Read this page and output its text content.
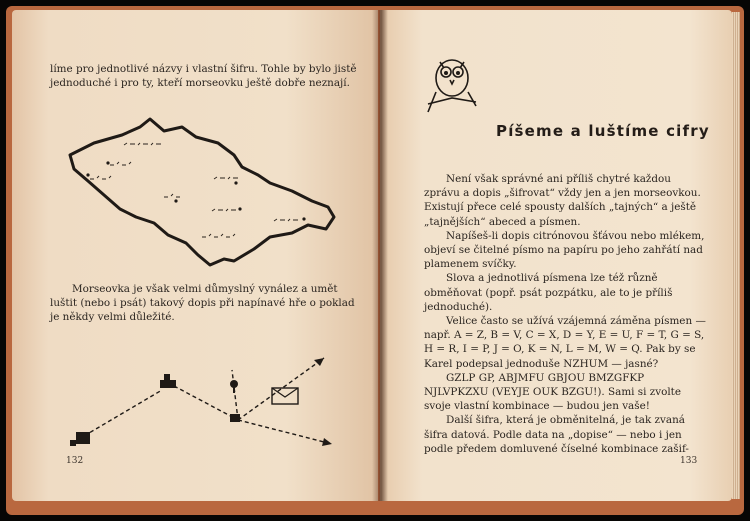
líme pro jednotlivé názvy i vlastní šifru. Tohle by bylo jistě jednoduché i pro ty, kteří morseovku ještě dobře neznají.

Morseovka je však velmi důmyslný vynález a umět luštit (nebo i psát) takový dopis při napínavé hře o poklad je někdy velmi důležité.

132
Píšeme a luštíme cifry

Není však správné ani příliš chytré každou zprávu a dopis „šifrovat“ vždy jen a jen morseovkou. Existují přece celé spousty dalších „tajných“ a ještě „tajnějších“ abeced a písmen.

Napíšeš-li dopis citrónovou šťávou nebo mlékem, objeví se čitelné písmo na papíru po jeho zahřátí nad plamenem svíčky.

Slova a jednotlivá písmena lze též různě obměňovat (popř. psát pozpátku, ale to je příliš jednoduché).

Velice často se užívá vzájemná záměna písmen — např. A = Z, B = V, C = X, D = Y, E = U, F = T, G = S, H = R, I = P, J = O, K = N, L = M, W = Q. Pak by se Karel podepsal jednoduše NZHUM — jasné?

GZLP GP, ABJMFU GBJOU BMZGFKP NJLVPKZXU (VEYJE OUK BZGU!). Sami si zvolte svoje vlastní kombinace — budou jen vaše!

Další šifra, která je obměnitelná, je tak zvaná šifra datová. Podle data na „dopise“ — nebo i jen podle předem domluvené číselné kombinace zašif-

133
